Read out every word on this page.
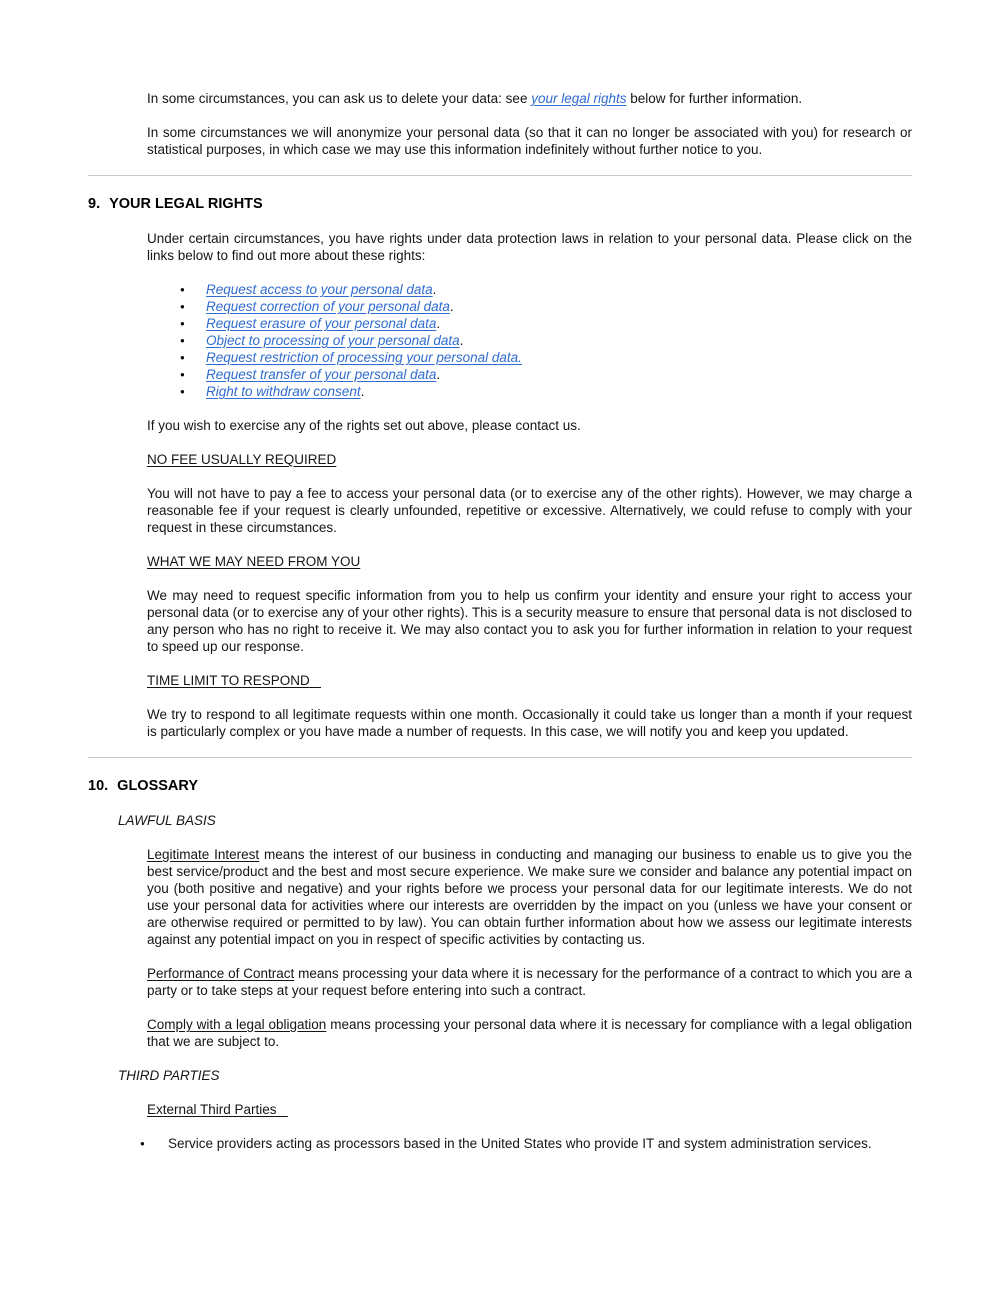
In some circumstances, you can ask us to delete your data: see your legal rights below for further information.

In some circumstances we will anonymize your personal data (so that it can no longer be associated with you) for research or statistical purposes, in which case we may use this information indefinitely without further notice to you.

9. YOUR LEGAL RIGHTS

Under certain circumstances, you have rights under data protection laws in relation to your personal data. Please click on the links below to find out more about these rights:

● Request access to your personal data.
● Request correction of your personal data.
● Request erasure of your personal data.
● Object to processing of your personal data.
● Request restriction of processing your personal data.
● Request transfer of your personal data.
● Right to withdraw consent.

If you wish to exercise any of the rights set out above, please contact us.

NO FEE USUALLY REQUIRED

You will not have to pay a fee to access your personal data (or to exercise any of the other rights). However, we may charge a reasonable fee if your request is clearly unfounded, repetitive or excessive. Alternatively, we could refuse to comply with your request in these circumstances.

WHAT WE MAY NEED FROM YOU

We may need to request specific information from you to help us confirm your identity and ensure your right to access your personal data (or to exercise any of your other rights). This is a security measure to ensure that personal data is not disclosed to any person who has no right to receive it. We may also contact you to ask you for further information in relation to your request to speed up our response.

TIME LIMIT TO RESPOND

We try to respond to all legitimate requests within one month. Occasionally it could take us longer than a month if your request is particularly complex or you have made a number of requests. In this case, we will notify you and keep you updated.

10. GLOSSARY

LAWFUL BASIS

Legitimate Interest means the interest of our business in conducting and managing our business to enable us to give you the best service/product and the best and most secure experience. We make sure we consider and balance any potential impact on you (both positive and negative) and your rights before we process your personal data for our legitimate interests. We do not use your personal data for activities where our interests are overridden by the impact on you (unless we have your consent or are otherwise required or permitted to by law). You can obtain further information about how we assess our legitimate interests against any potential impact on you in respect of specific activities by contacting us.

Performance of Contract means processing your data where it is necessary for the performance of a contract to which you are a party or to take steps at your request before entering into such a contract.

Comply with a legal obligation means processing your personal data where it is necessary for compliance with a legal obligation that we are subject to.

THIRD PARTIES

External Third Parties

● Service providers acting as processors based in the United States who provide IT and system administration services.
